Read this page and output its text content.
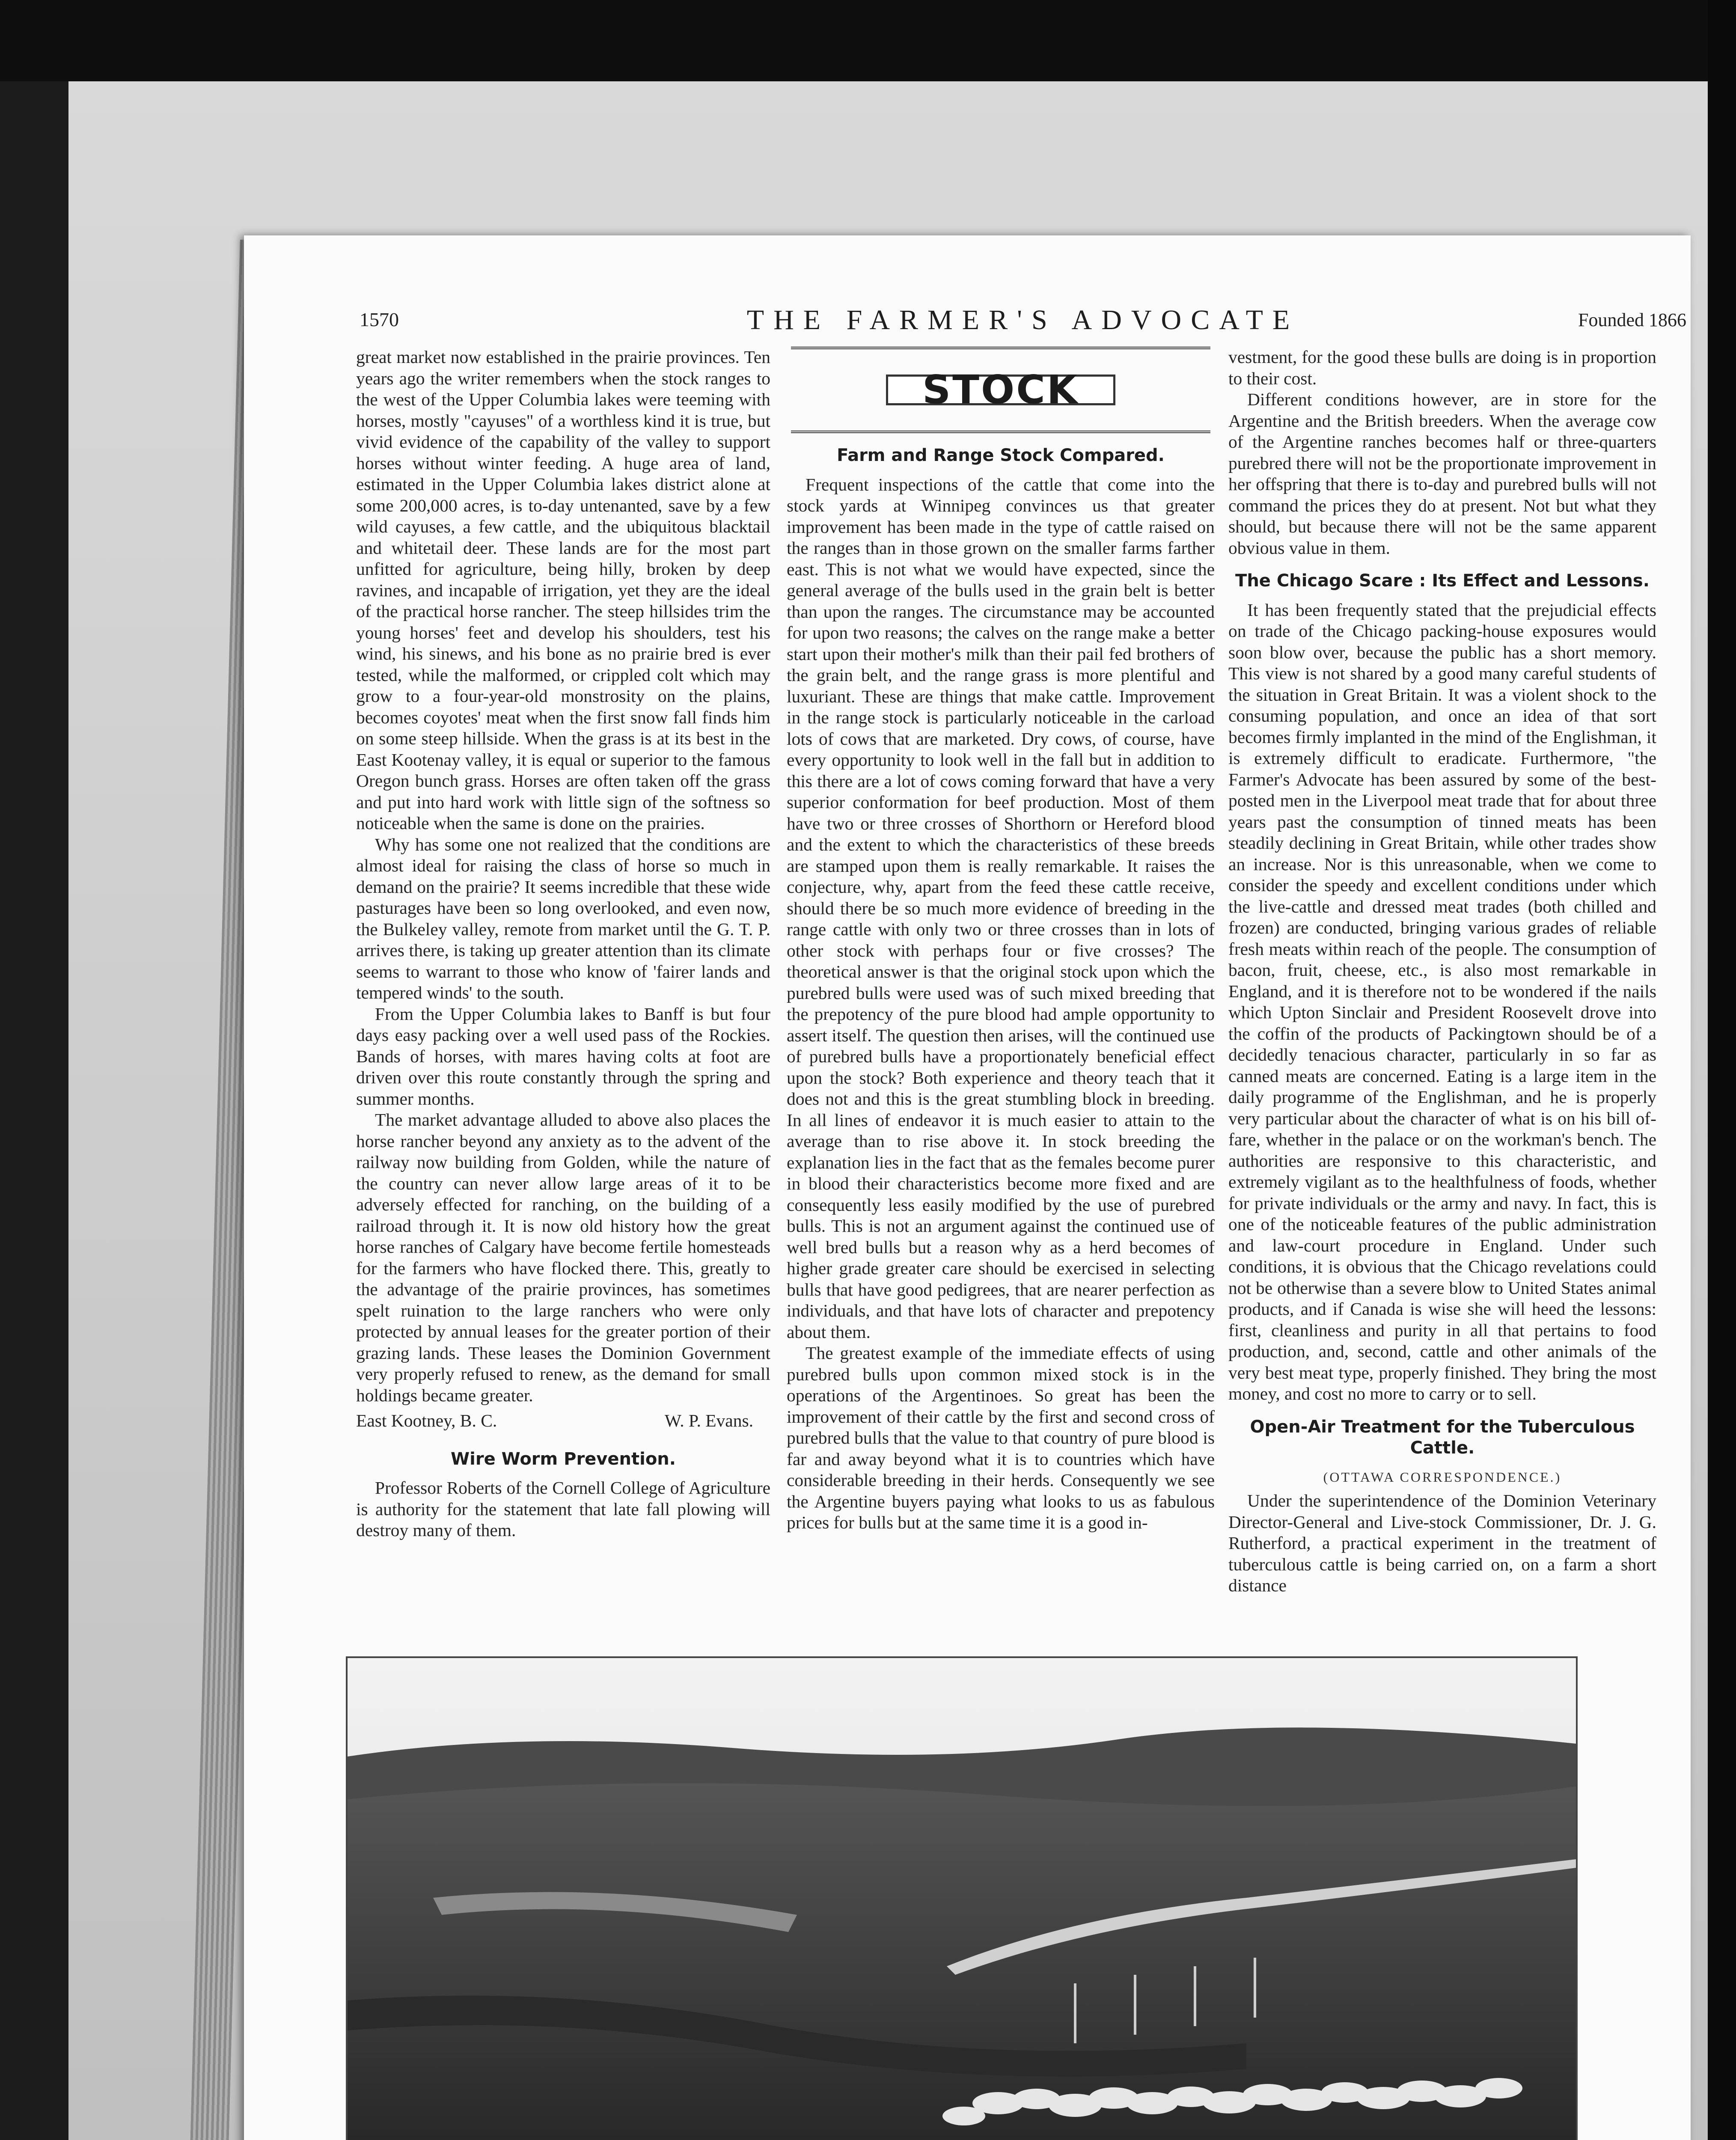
1570	THE FARMER'S ADVOCATE	Founded 1866

great market now established in the prairie provinces. Ten years ago the writer remembers when the stock ranges to the west of the Upper Columbia lakes were teeming with horses, mostly "cayuses" of a worthless kind it is true, but vivid evidence of the capability of the valley to support horses without winter feeding. A huge area of land, estimated in the Upper Columbia lakes district alone at some 200,000 acres, is to-day untenanted, save by a few wild cayuses, a few cattle, and the ubiquitous blacktail and whitetail deer. These lands are for the most part unfitted for agriculture, being hilly, broken by deep ravines, and incapable of irrigation, yet they are the ideal of the practical horse rancher. The steep hillsides trim the young horses' feet and develop his shoulders, test his wind, his sinews, and his bone as no prairie bred is ever tested, while the malformed, or crippled colt which may grow to a four-year-old monstrosity on the plains, becomes coyotes' meat when the first snow fall finds him on some steep hillside. When the grass is at its best in the East Kootenay valley, it is equal or superior to the famous Oregon bunch grass. Horses are often taken off the grass and put into hard work with little sign of the softness so noticeable when the same is done on the prairies.

Why has some one not realized that the conditions are almost ideal for raising the class of horse so much in demand on the prairie? It seems incredible that these wide pasturages have been so long overlooked, and even now, the Bulkeley valley, remote from market until the G. T. P. arrives there, is taking up greater attention than its climate seems to warrant to those who know of 'fairer lands and tempered winds' to the south.

From the Upper Columbia lakes to Banff is but four days easy packing over a well used pass of the Rockies. Bands of horses, with mares having colts at foot are driven over this route constantly through the spring and summer months.

The market advantage alluded to above also places the horse rancher beyond any anxiety as to the advent of the railway now building from Golden, while the nature of the country can never allow large areas of it to be adversely effected for ranching, on the building of a railroad through it. It is now old history how the great horse ranches of Calgary have become fertile homesteads for the farmers who have flocked there. This, greatly to the advantage of the prairie provinces, has sometimes spelt ruination to the large ranchers who were only protected by annual leases for the greater portion of their grazing lands. These leases the Dominion Government very properly refused to renew, as the demand for small holdings became greater.

East Kootney, B. C.	W. P. Evans.
Wire Worm Prevention.

Professor Roberts of the Cornell College of Agriculture is authority for the statement that late fall plowing will destroy many of them.

STOCK
Farm and Range Stock Compared.

Frequent inspections of the cattle that come into the stock yards at Winnipeg convinces us that greater improvement has been made in the type of cattle raised on the ranges than in those grown on the smaller farms farther east. This is not what we would have expected, since the general average of the bulls used in the grain belt is better than upon the ranges. The circumstance may be accounted for upon two reasons; the calves on the range make a better start upon their mother's milk than their pail fed brothers of the grain belt, and the range grass is more plentiful and luxuriant. These are things that make cattle. Improvement in the range stock is particularly noticeable in the carload lots of cows that are marketed. Dry cows, of course, have every opportunity to look well in the fall but in addition to this there are a lot of cows coming forward that have a very superior conformation for beef production. Most of them have two or three crosses of Shorthorn or Hereford blood and the extent to which the characteristics of these breeds are stamped upon them is really remarkable. It raises the conjecture, why, apart from the feed these cattle receive, should there be so much more evidence of breeding in the range cattle with only two or three crosses than in lots of other stock with perhaps four or five crosses? The theoretical answer is that the original stock upon which the purebred bulls were used was of such mixed breeding that the prepotency of the pure blood had ample opportunity to assert itself. The question then arises, will the continued use of purebred bulls have a proportionately beneficial effect upon the stock? Both experience and theory teach that it does not and this is the great stumbling block in breeding. In all lines of endeavor it is much easier to attain to the average than to rise above it. In stock breeding the explanation lies in the fact that as the females become purer in blood their characteristics become more fixed and are consequently less easily modified by the use of purebred bulls. This is not an argument against the continued use of well bred bulls but a reason why as a herd becomes of higher grade greater care should be exercised in selecting bulls that have good pedigrees, that are nearer perfection as individuals, and that have lots of character and prepotency about them.

The greatest example of the immediate effects of using purebred bulls upon common mixed stock is in the operations of the Argentinoes. So great has been the improvement of their cattle by the first and second cross of purebred bulls that the value to that country of pure blood is far and away beyond what it is to countries which have considerable breeding in their herds. Consequently we see the Argentine buyers paying what looks to us as fabulous prices for bulls but at the same time it is a good in-

vestment, for the good these bulls are doing is in proportion to their cost.

Different conditions however, are in store for the Argentine and the British breeders. When the average cow of the Argentine ranches becomes half or three-quarters purebred there will not be the proportionate improvement in her offspring that there is to-day and purebred bulls will not command the prices they do at present. Not but what they should, but because there will not be the same apparent obvious value in them.

The Chicago Scare : Its Effect and Lessons.

It has been frequently stated that the prejudicial effects on trade of the Chicago packing-house exposures would soon blow over, because the public has a short memory. This view is not shared by a good many careful students of the situation in Great Britain. It was a violent shock to the consuming population, and once an idea of that sort becomes firmly implanted in the mind of the Englishman, it is extremely difficult to eradicate. Furthermore, "the Farmer's Advocate has been assured by some of the best-posted men in the Liverpool meat trade that for about three years past the consumption of tinned meats has been steadily declining in Great Britain, while other trades show an increase. Nor is this unreasonable, when we come to consider the speedy and excellent conditions under which the live-cattle and dressed meat trades (both chilled and frozen) are conducted, bringing various grades of reliable fresh meats within reach of the people. The consumption of bacon, fruit, cheese, etc., is also most remarkable in England, and it is therefore not to be wondered if the nails which Upton Sinclair and President Roosevelt drove into the coffin of the products of Packingtown should be of a decidedly tenacious character, particularly in so far as canned meats are concerned. Eating is a large item in the daily programme of the Englishman, and he is properly very particular about the character of what is on his bill of-fare, whether in the palace or on the workman's bench. The authorities are responsive to this characteristic, and extremely vigilant as to the healthfulness of foods, whether for private individuals or the army and navy. In fact, this is one of the noticeable features of the public administration and law-court procedure in England. Under such conditions, it is obvious that the Chicago revelations could not be otherwise than a severe blow to United States animal products, and if Canada is wise she will heed the lessons: first, cleanliness and purity in all that pertains to food production, and, second, cattle and other animals of the very best meat type, properly finished. They bring the most money, and cost no more to carry or to sell.

Open-Air Treatment for the Tuberculous Cattle.
(OTTAWA CORRESPONDENCE.)

Under the superintendence of the Dominion Veterinary Director-General and Live-stock Commissioner, Dr. J. G. Rutherford, a practical experiment in the treatment of tuberculous cattle is being carried on, on a farm a short distance
